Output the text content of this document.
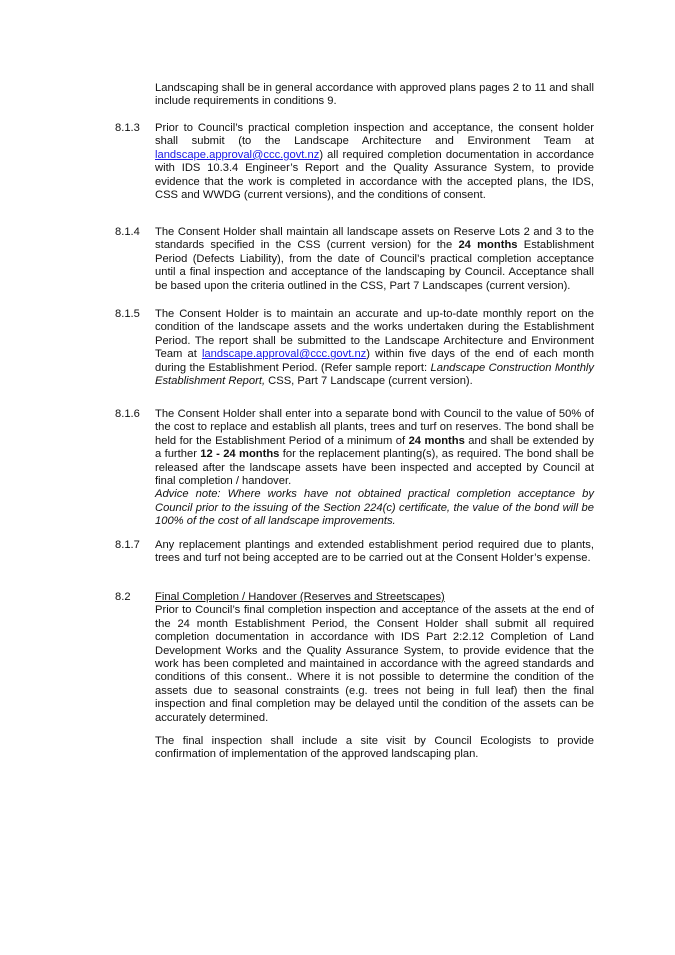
Landscaping shall be in general accordance with approved plans pages 2 to 11 and shall include requirements in conditions 9.
8.1.3 Prior to Council’s practical completion inspection and acceptance, the consent holder shall submit (to the Landscape Architecture and Environment Team at landscape.approval@ccc.govt.nz) all required completion documentation in accordance with IDS 10.3.4 Engineer’s Report and the Quality Assurance System, to provide evidence that the work is completed in accordance with the accepted plans, the IDS, CSS and WWDG (current versions), and the conditions of consent.
8.1.4 The Consent Holder shall maintain all landscape assets on Reserve Lots 2 and 3 to the standards specified in the CSS (current version) for the 24 months Establishment Period (Defects Liability), from the date of Council’s practical completion acceptance until a final inspection and acceptance of the landscaping by Council. Acceptance shall be based upon the criteria outlined in the CSS, Part 7 Landscapes (current version).
8.1.5 The Consent Holder is to maintain an accurate and up-to-date monthly report on the condition of the landscape assets and the works undertaken during the Establishment Period. The report shall be submitted to the Landscape Architecture and Environment Team at landscape.approval@ccc.govt.nz) within five days of the end of each month during the Establishment Period. (Refer sample report: Landscape Construction Monthly Establishment Report, CSS, Part 7 Landscape (current version).
8.1.6 The Consent Holder shall enter into a separate bond with Council to the value of 50% of the cost to replace and establish all plants, trees and turf on reserves. The bond shall be held for the Establishment Period of a minimum of 24 months and shall be extended by a further 12 - 24 months for the replacement planting(s), as required. The bond shall be released after the landscape assets have been inspected and accepted by Council at final completion / handover.
Advice note: Where works have not obtained practical completion acceptance by Council prior to the issuing of the Section 224(c) certificate, the value of the bond will be 100% of the cost of all landscape improvements.
8.1.7 Any replacement plantings and extended establishment period required due to plants, trees and turf not being accepted are to be carried out at the Consent Holder’s expense.
8.2 Final Completion / Handover (Reserves and Streetscapes)
Prior to Council’s final completion inspection and acceptance of the assets at the end of the 24 month Establishment Period, the Consent Holder shall submit all required completion documentation in accordance with IDS Part 2:2.12 Completion of Land Development Works and the Quality Assurance System, to provide evidence that the work has been completed and maintained in accordance with the agreed standards and conditions of this consent.. Where it is not possible to determine the condition of the assets due to seasonal constraints (e.g. trees not being in full leaf) then the final inspection and final completion may be delayed until the condition of the assets can be accurately determined.
The final inspection shall include a site visit by Council Ecologists to provide confirmation of implementation of the approved landscaping plan.
